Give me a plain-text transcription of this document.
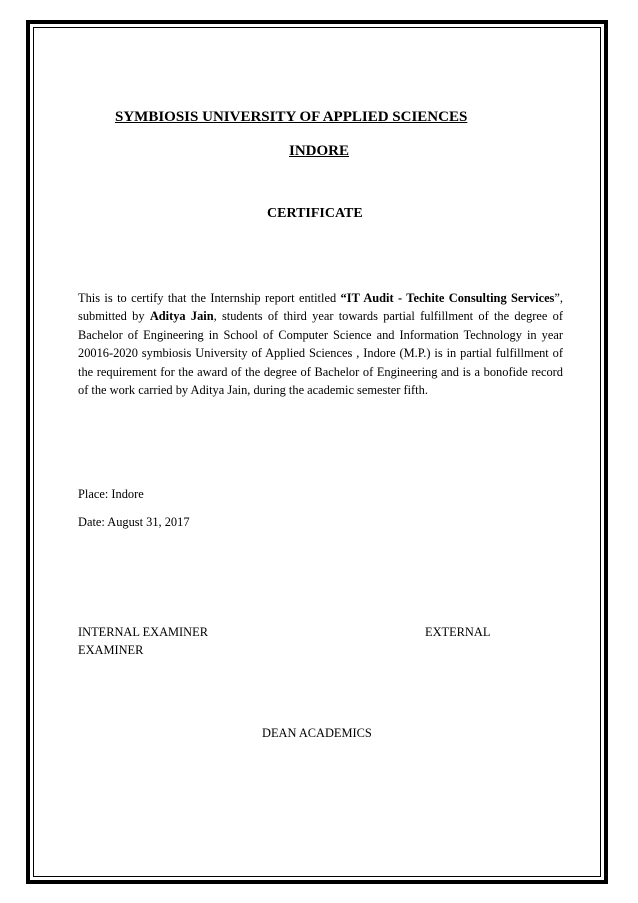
SYMBIOSIS UNIVERSITY OF APPLIED SCIENCES

INDORE

CERTIFICATE

This is to certify that the Internship report entitled “IT Audit - Techite Consulting Services”, submitted by Aditya Jain, students of third year towards partial fulfillment of the degree of Bachelor of Engineering in School of Computer Science and Information Technology in year 20016-2020 symbiosis University of Applied Sciences , Indore (M.P.) is in partial fulfillment of the requirement for the award of the degree of Bachelor of Engineering and is a bonofide record of the work carried by Aditya Jain, during the academic semester fifth.

Place: Indore

Date: August 31, 2017

INTERNAL EXAMINER	EXTERNAL

EXAMINER

DEAN ACADEMICS
